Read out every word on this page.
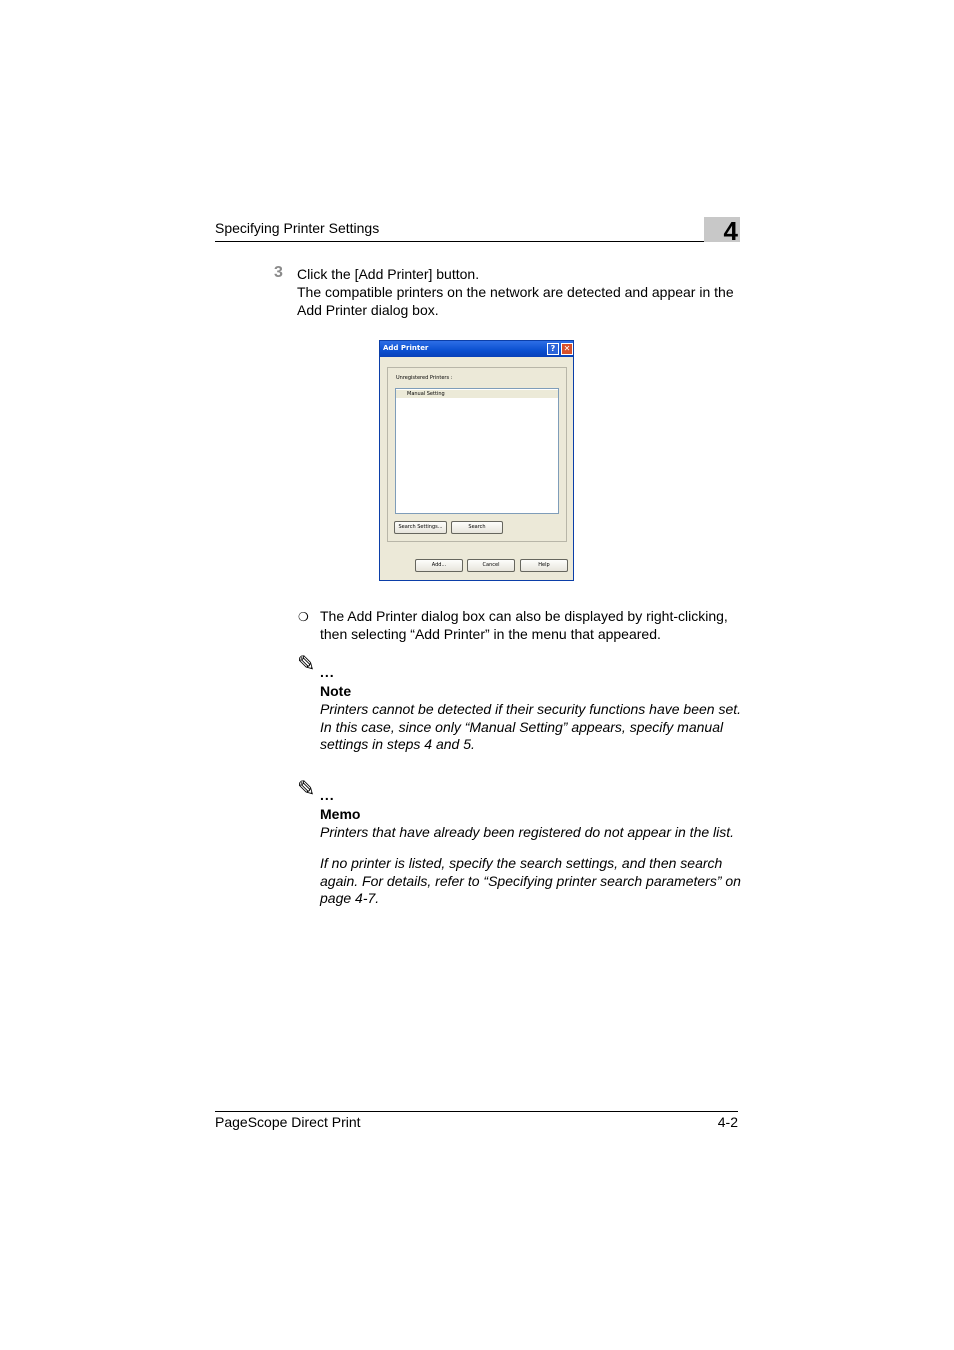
Specifying Printer Settings	4
3 Click the [Add Printer] button.
The compatible printers on the network are detected and appear in the Add Printer dialog box.
Add Printer	?	✕
Unregistered Printers :
Manual Setting
Search Settings...	Search
Add...	Cancel	Help
❍ The Add Printer dialog box can also be displayed by right-clicking, then selecting “Add Printer” in the menu that appeared.
✎ ...
Note
Printers cannot be detected if their security functions have been set. In this case, since only “Manual Setting” appears, specify manual settings in steps 4 and 5.
✎ ...
Memo
Printers that have already been registered do not appear in the list.
If no printer is listed, specify the search settings, and then search again. For details, refer to “Specifying printer search parameters” on page 4-7.
PageScope Direct Print	4-2
